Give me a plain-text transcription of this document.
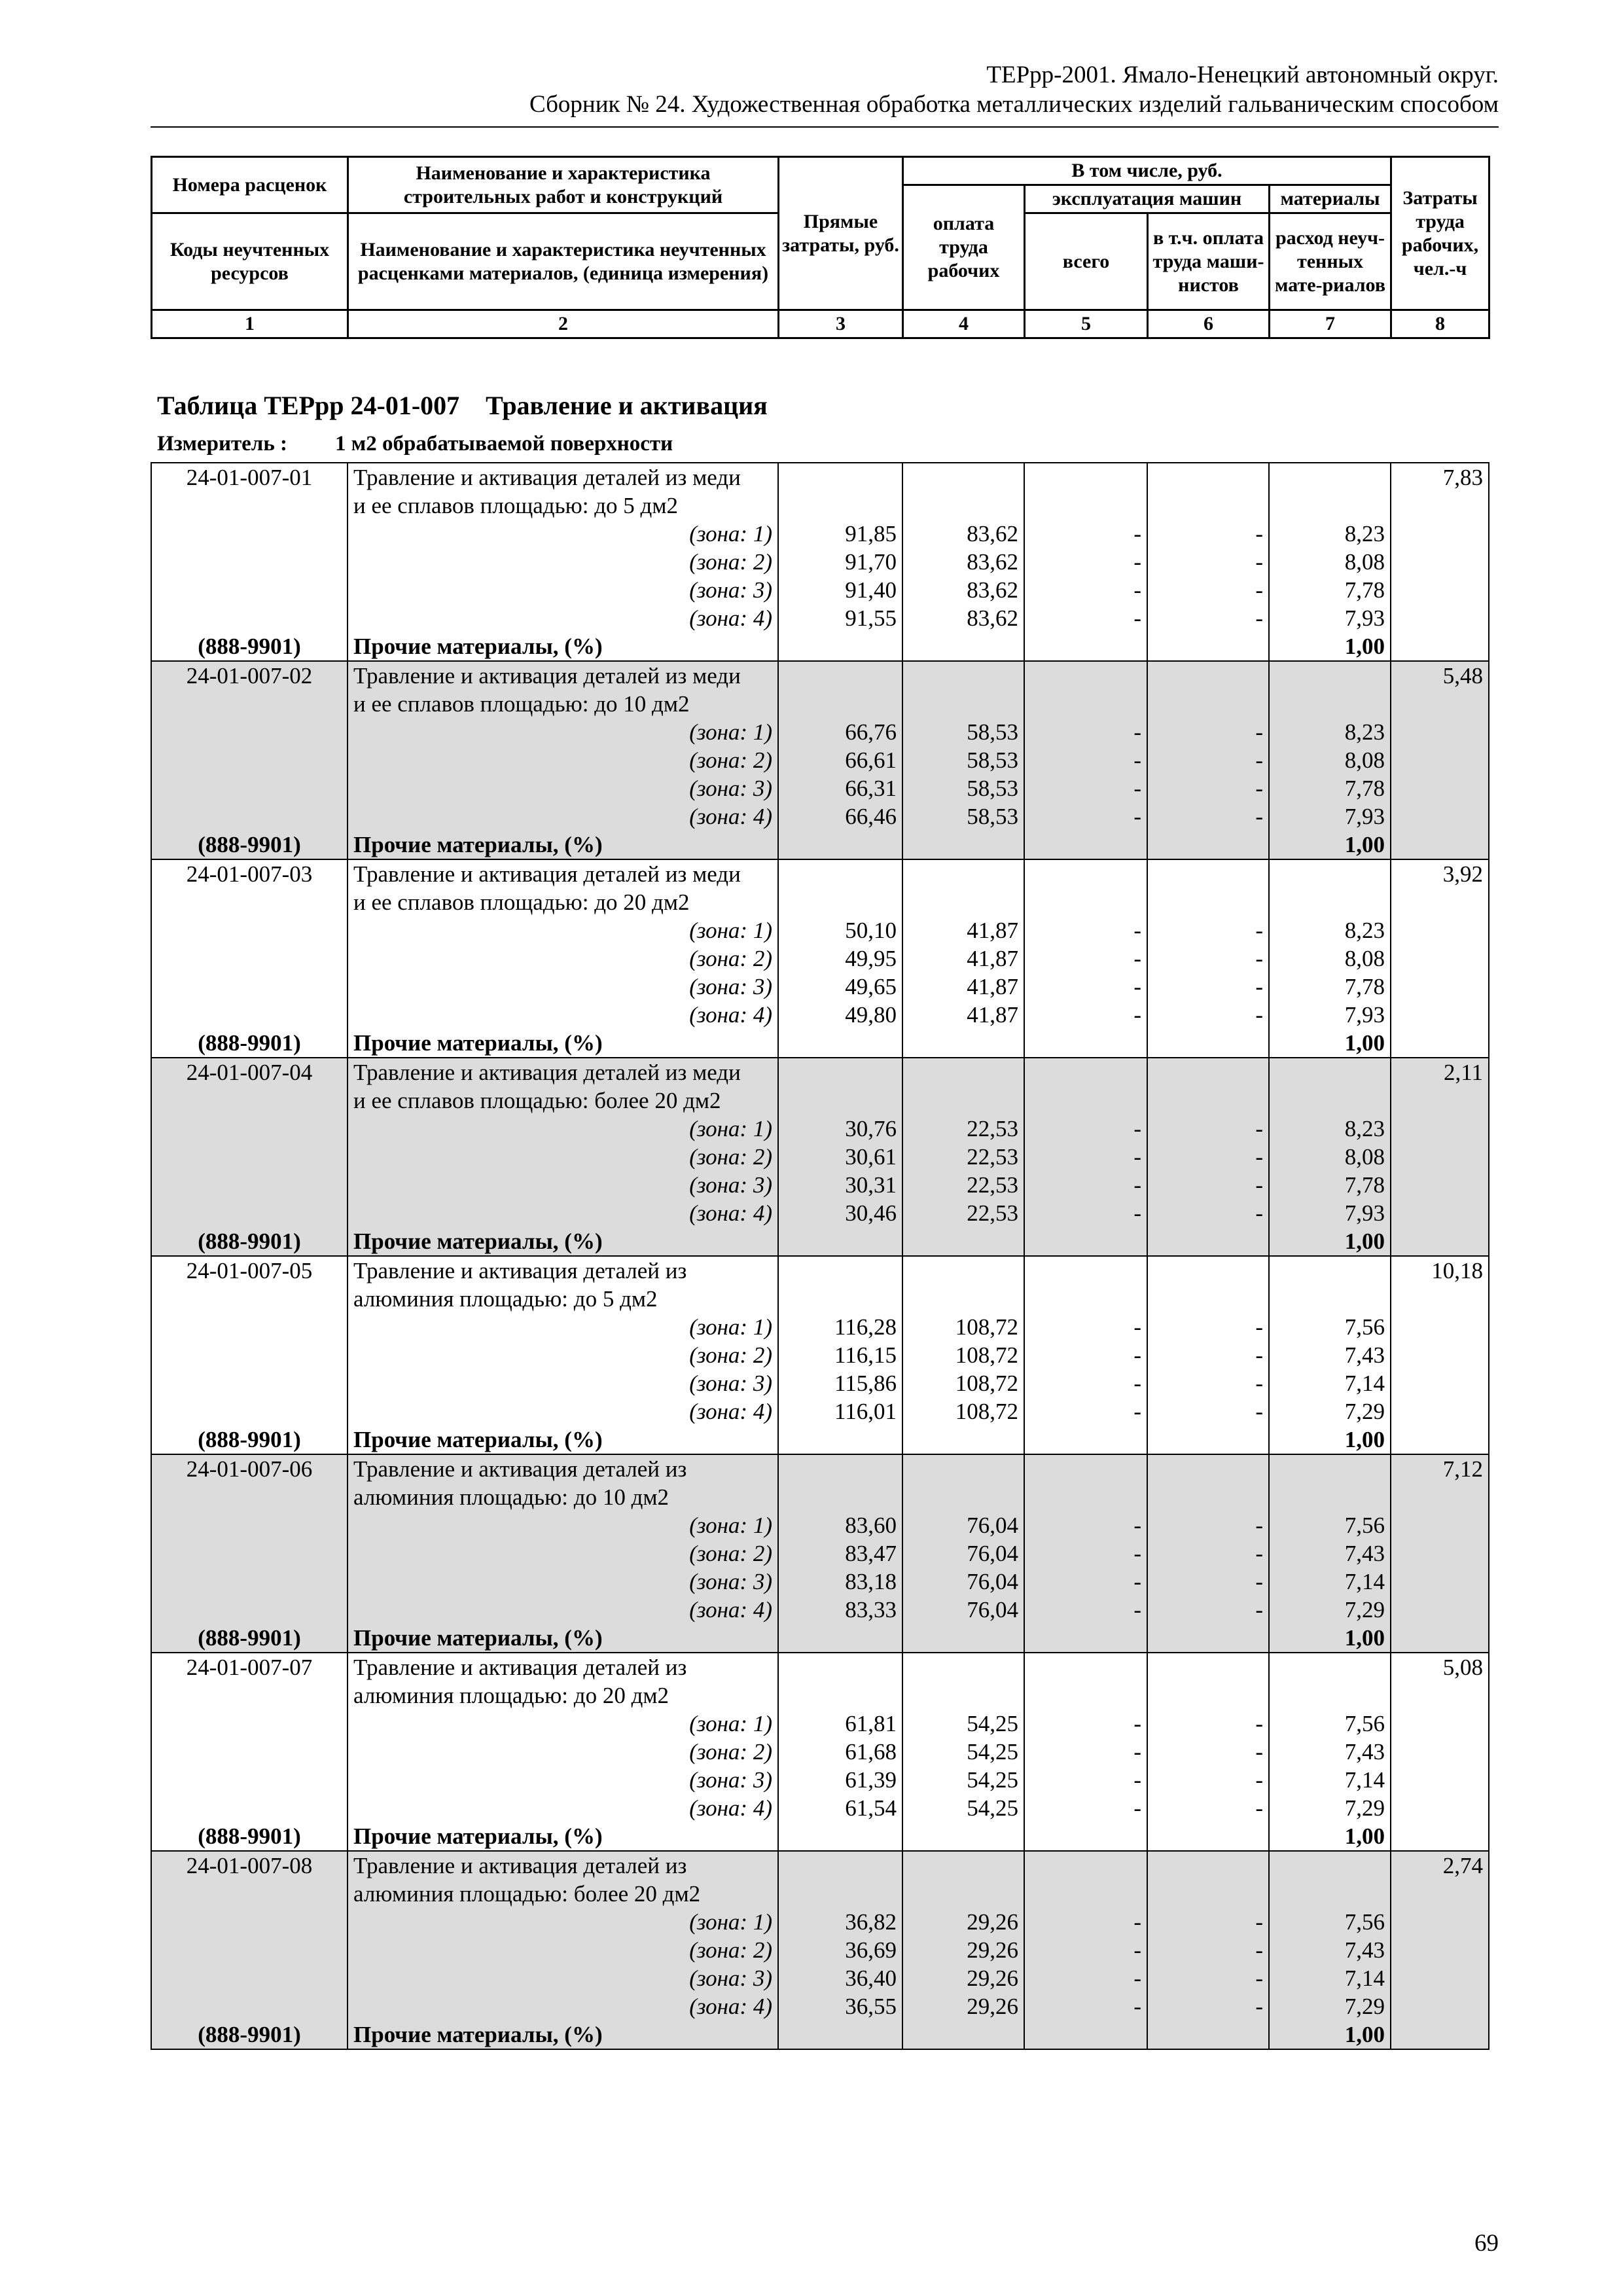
ТЕРрр-2001. Ямало-Ненецкий автономный округ.
Сборник № 24. Художественная обработка металлических изделий гальваническим способом
Номера расценок	Наименование и характеристика строительных работ и конструкций	Прямые затраты, руб.	В том числе, руб.				Затраты труда рабочих, чел.-ч
			оплата труда рабочих	эксплуатация машин		материалы	
Коды неучтенных ресурсов	Наименование и характеристика неучтенных расценками материалов, (единица измерения)			всего	в т.ч. оплата труда маши-нистов	расход неуч-тенных мате-риалов	

1	2	3	4	5	6	7	8
Таблица ТЕРрр 24-01-007 Травление и активация
Измеритель : 1 м2 обрабатываемой поверхности
24-01-007-01	Травление и активация деталей из меди						7,83
	и ее сплавов площадью: до 5 дм2						
	(зона: 1)	91,85	83,62	-	-	8,23	
	(зона: 2)	91,70	83,62	-	-	8,08	
	(зона: 3)	91,40	83,62	-	-	7,78	
	(зона: 4)	91,55	83,62	-	-	7,93	
(888-9901)	Прочие материалы, (%)					1,00	
24-01-007-02	Травление и активация деталей из меди						5,48
	и ее сплавов площадью: до 10 дм2						
	(зона: 1)	66,76	58,53	-	-	8,23	
	(зона: 2)	66,61	58,53	-	-	8,08	
	(зона: 3)	66,31	58,53	-	-	7,78	
	(зона: 4)	66,46	58,53	-	-	7,93	
(888-9901)	Прочие материалы, (%)					1,00	
24-01-007-03	Травление и активация деталей из меди						3,92
	и ее сплавов площадью: до 20 дм2						
	(зона: 1)	50,10	41,87	-	-	8,23	
	(зона: 2)	49,95	41,87	-	-	8,08	
	(зона: 3)	49,65	41,87	-	-	7,78	
	(зона: 4)	49,80	41,87	-	-	7,93	
(888-9901)	Прочие материалы, (%)					1,00	
24-01-007-04	Травление и активация деталей из меди						2,11
	и ее сплавов площадью: более 20 дм2						
	(зона: 1)	30,76	22,53	-	-	8,23	
	(зона: 2)	30,61	22,53	-	-	8,08	
	(зона: 3)	30,31	22,53	-	-	7,78	
	(зона: 4)	30,46	22,53	-	-	7,93	
(888-9901)	Прочие материалы, (%)					1,00	
24-01-007-05	Травление и активация деталей из						10,18
	алюминия площадью: до 5 дм2						
	(зона: 1)	116,28	108,72	-	-	7,56	
	(зона: 2)	116,15	108,72	-	-	7,43	
	(зона: 3)	115,86	108,72	-	-	7,14	
	(зона: 4)	116,01	108,72	-	-	7,29	
(888-9901)	Прочие материалы, (%)					1,00	
24-01-007-06	Травление и активация деталей из						7,12
	алюминия площадью: до 10 дм2						
	(зона: 1)	83,60	76,04	-	-	7,56	
	(зона: 2)	83,47	76,04	-	-	7,43	
	(зона: 3)	83,18	76,04	-	-	7,14	
	(зона: 4)	83,33	76,04	-	-	7,29	
(888-9901)	Прочие материалы, (%)					1,00	
24-01-007-07	Травление и активация деталей из						5,08
	алюминия площадью: до 20 дм2						
	(зона: 1)	61,81	54,25	-	-	7,56	
	(зона: 2)	61,68	54,25	-	-	7,43	
	(зона: 3)	61,39	54,25	-	-	7,14	
	(зона: 4)	61,54	54,25	-	-	7,29	
(888-9901)	Прочие материалы, (%)					1,00	
24-01-007-08	Травление и активация деталей из						2,74
	алюминия площадью: более 20 дм2						
	(зона: 1)	36,82	29,26	-	-	7,56	
	(зона: 2)	36,69	29,26	-	-	7,43	
	(зона: 3)	36,40	29,26	-	-	7,14	
	(зона: 4)	36,55	29,26	-	-	7,29	
(888-9901)	Прочие материалы, (%)					1,00	
69
